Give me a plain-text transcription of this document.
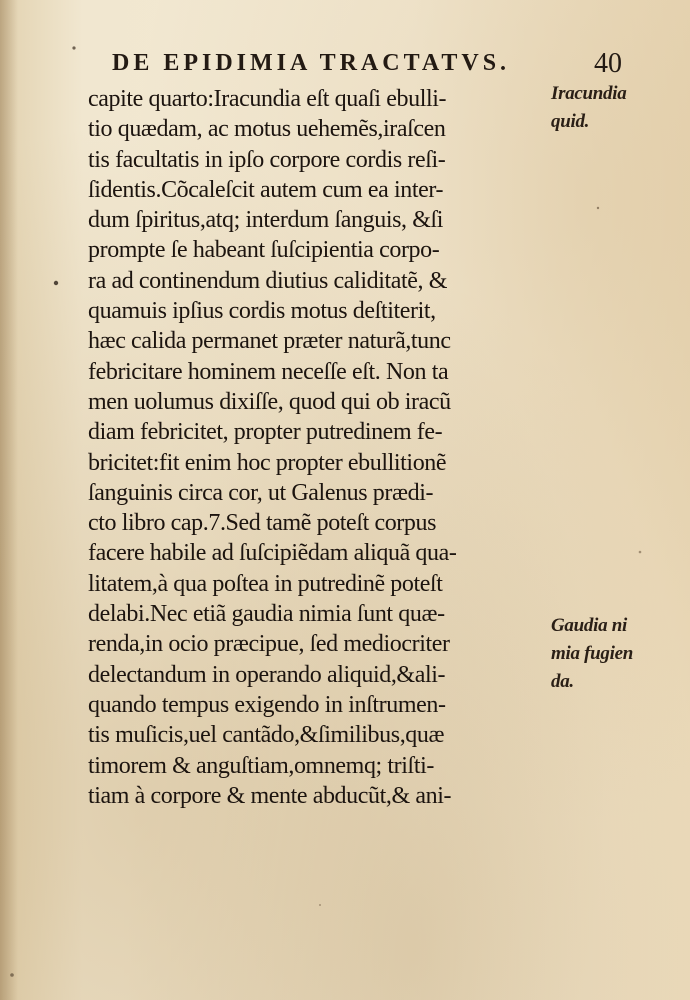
DE EPIDIMIA TRACTATVS.	40
capite quarto:Iracundia eſt quaſi ebulli-
tio quædam, ac motus uehemẽs,iraſcen
tis facultatis in ipſo corpore cordis reſi-
ſidentis.Cõcaleſcit autem cum ea inter-
dum ſpiritus,atq; interdum ſanguis, &ſi
prompte ſe habeant ſuſcipientia corpo-
ra ad continendum diutius caliditatẽ, &
quamuis ipſius cordis motus deſtiterit,
hæc calida permanet præter naturã,tunc
febricitare hominem neceſſe eſt. Non ta
men uolumus dixiſſe, quod qui ob iracũ
diam febricitet, propter putredinem fe-
bricitet:fit enim hoc propter ebullitionẽ
ſanguinis circa cor, ut Galenus prædi-
cto libro cap.7.Sed tamẽ poteſt corpus
facere habile ad ſuſcipiẽdam aliquã qua-
litatem,à qua poſtea in putredinẽ poteſt
delabi.Nec etiã gaudia nimia ſunt quæ-
renda,in ocio præcipue, ſed mediocriter
delectandum in operando aliquid,&ali-
quando tempus exigendo in inſtrumen-
tis muſicis,uel cantãdo,&ſimilibus,quæ
timorem & anguſtiam,omnemq; triſti-
tiam à corpore & mente abducũt,& ani-
Iracundia
quid.
Gaudia ni
mia fugien
da.
